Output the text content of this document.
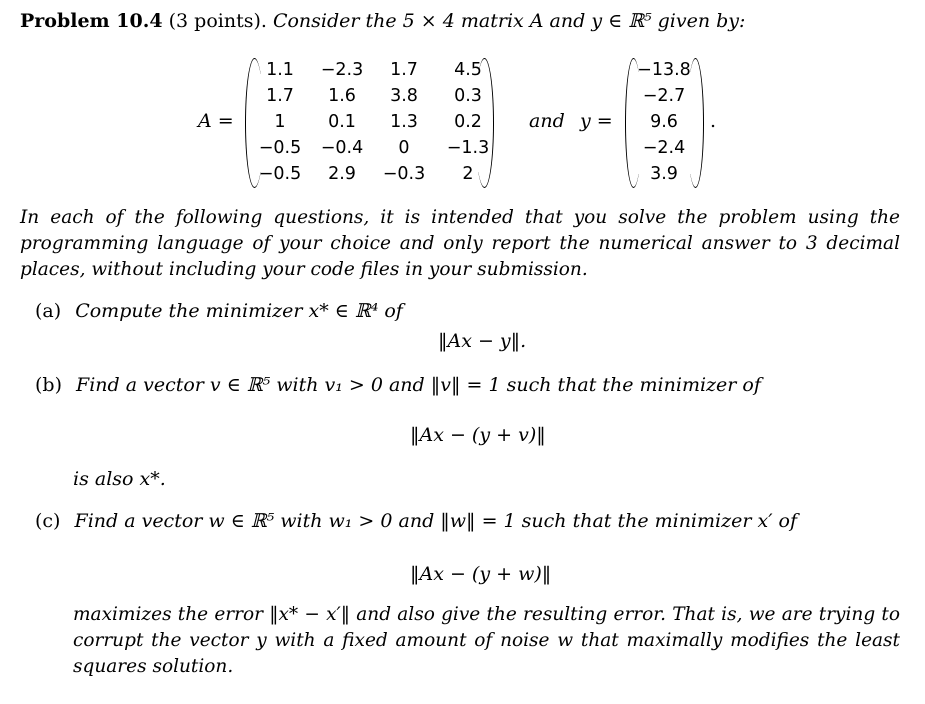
Problem 10.4 (3 points). Consider the 5 × 4 matrix A and y ∈ ℝ⁵ given by:
A =
1.1	−2.3	1.7	4.5
1.7	1.6	3.8	0.3
1	0.1	1.3	0.2
−0.5	−0.4	0	−1.3
−0.5	2.9	−0.3	2
and y =
−13.8
−2.7
9.6
−2.4
3.9
.
In each of the following questions, it is intended that you solve the problem using the programming language of your choice and only report the numerical answer to 3 decimal places, without including your code files in your submission.
(a) Compute the minimizer x* ∈ ℝ⁴ of
‖Ax − y‖.
(b) Find a vector v ∈ ℝ⁵ with v₁ > 0 and ‖v‖ = 1 such that the minimizer of
‖Ax − (y + v)‖
is also x*.
(c) Find a vector w ∈ ℝ⁵ with w₁ > 0 and ‖w‖ = 1 such that the minimizer x′ of
‖Ax − (y + w)‖
maximizes the error ‖x* − x′‖ and also give the resulting error. That is, we are trying to corrupt the vector y with a fixed amount of noise w that maximally modifies the least squares solution.
